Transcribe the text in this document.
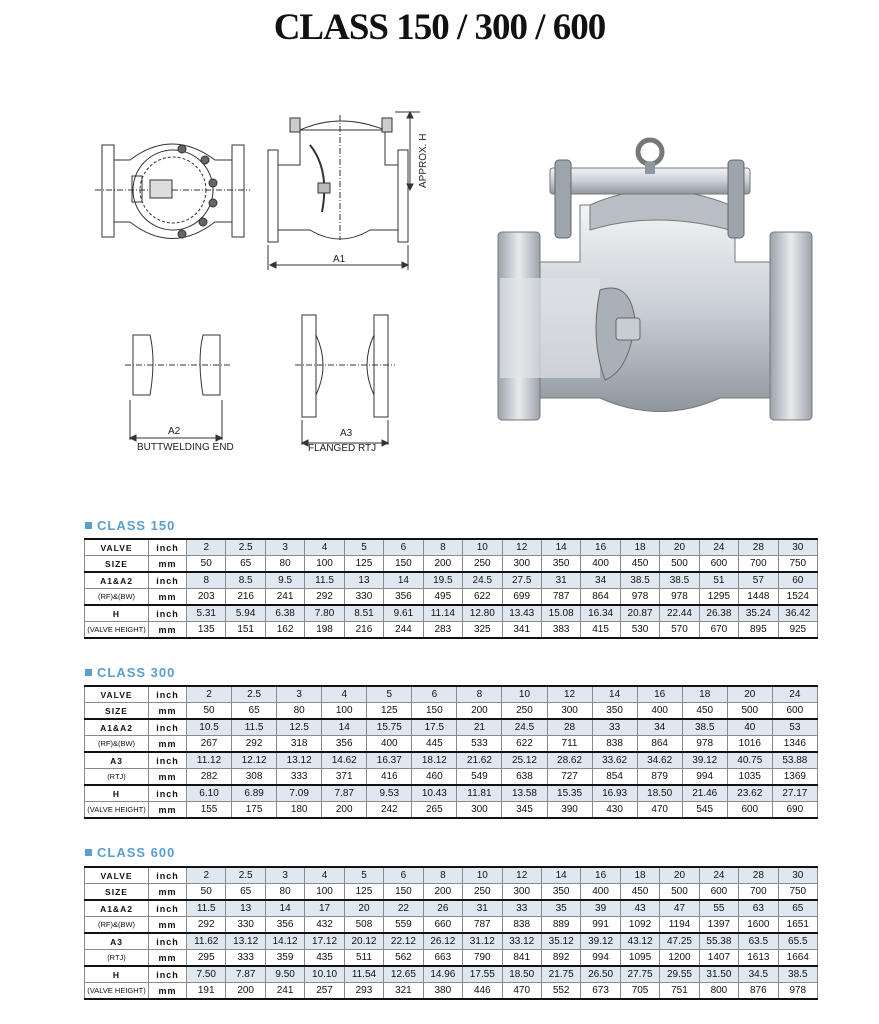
CLASS 150 / 300 / 600
APPROX. H
A1
A2
BUTTWELDING END
A3
FLANGED RTJ
CLASS 150
VALVE	inch	2	2.5	3	4	5	6	8	10	12	14	16	18	20	24	28	30
SIZE	mm	50	65	80	100	125	150	200	250	300	350	400	450	500	600	700	750
A1&A2	inch	8	8.5	9.5	11.5	13	14	19.5	24.5	27.5	31	34	38.5	38.5	51	57	60
(RF)&(BW)	mm	203	216	241	292	330	356	495	622	699	787	864	978	978	1295	1448	1524
H	inch	5.31	5.94	6.38	7.80	8.51	9.61	11.14	12.80	13.43	15.08	16.34	20.87	22.44	26.38	35.24	36.42
(VALVE HEIGHT)	mm	135	151	162	198	216	244	283	325	341	383	415	530	570	670	895	925
CLASS 300
VALVE	inch	2	2.5	3	4	5	6	8	10	12	14	16	18	20	24
SIZE	mm	50	65	80	100	125	150	200	250	300	350	400	450	500	600
A1&A2	inch	10.5	11.5	12.5	14	15.75	17.5	21	24.5	28	33	34	38.5	40	53
(RF)&(BW)	mm	267	292	318	356	400	445	533	622	711	838	864	978	1016	1346
A3	inch	11.12	12.12	13.12	14.62	16.37	18.12	21.62	25.12	28.62	33.62	34.62	39.12	40.75	53.88
(RTJ)	mm	282	308	333	371	416	460	549	638	727	854	879	994	1035	1369
H	inch	6.10	6.89	7.09	7.87	9.53	10.43	11.81	13.58	15.35	16.93	18.50	21.46	23.62	27.17
(VALVE HEIGHT)	mm	155	175	180	200	242	265	300	345	390	430	470	545	600	690
CLASS 600
VALVE	inch	2	2.5	3	4	5	6	8	10	12	14	16	18	20	24	28	30
SIZE	mm	50	65	80	100	125	150	200	250	300	350	400	450	500	600	700	750
A1&A2	inch	11.5	13	14	17	20	22	26	31	33	35	39	43	47	55	63	65
(RF)&(BW)	mm	292	330	356	432	508	559	660	787	838	889	991	1092	1194	1397	1600	1651
A3	inch	11.62	13.12	14.12	17.12	20.12	22.12	26.12	31.12	33.12	35.12	39.12	43.12	47.25	55.38	63.5	65.5
(RTJ)	mm	295	333	359	435	511	562	663	790	841	892	994	1095	1200	1407	1613	1664
H	inch	7.50	7.87	9.50	10.10	11.54	12.65	14.96	17.55	18.50	21.75	26.50	27.75	29.55	31.50	34.5	38.5
(VALVE HEIGHT)	mm	191	200	241	257	293	321	380	446	470	552	673	705	751	800	876	978
